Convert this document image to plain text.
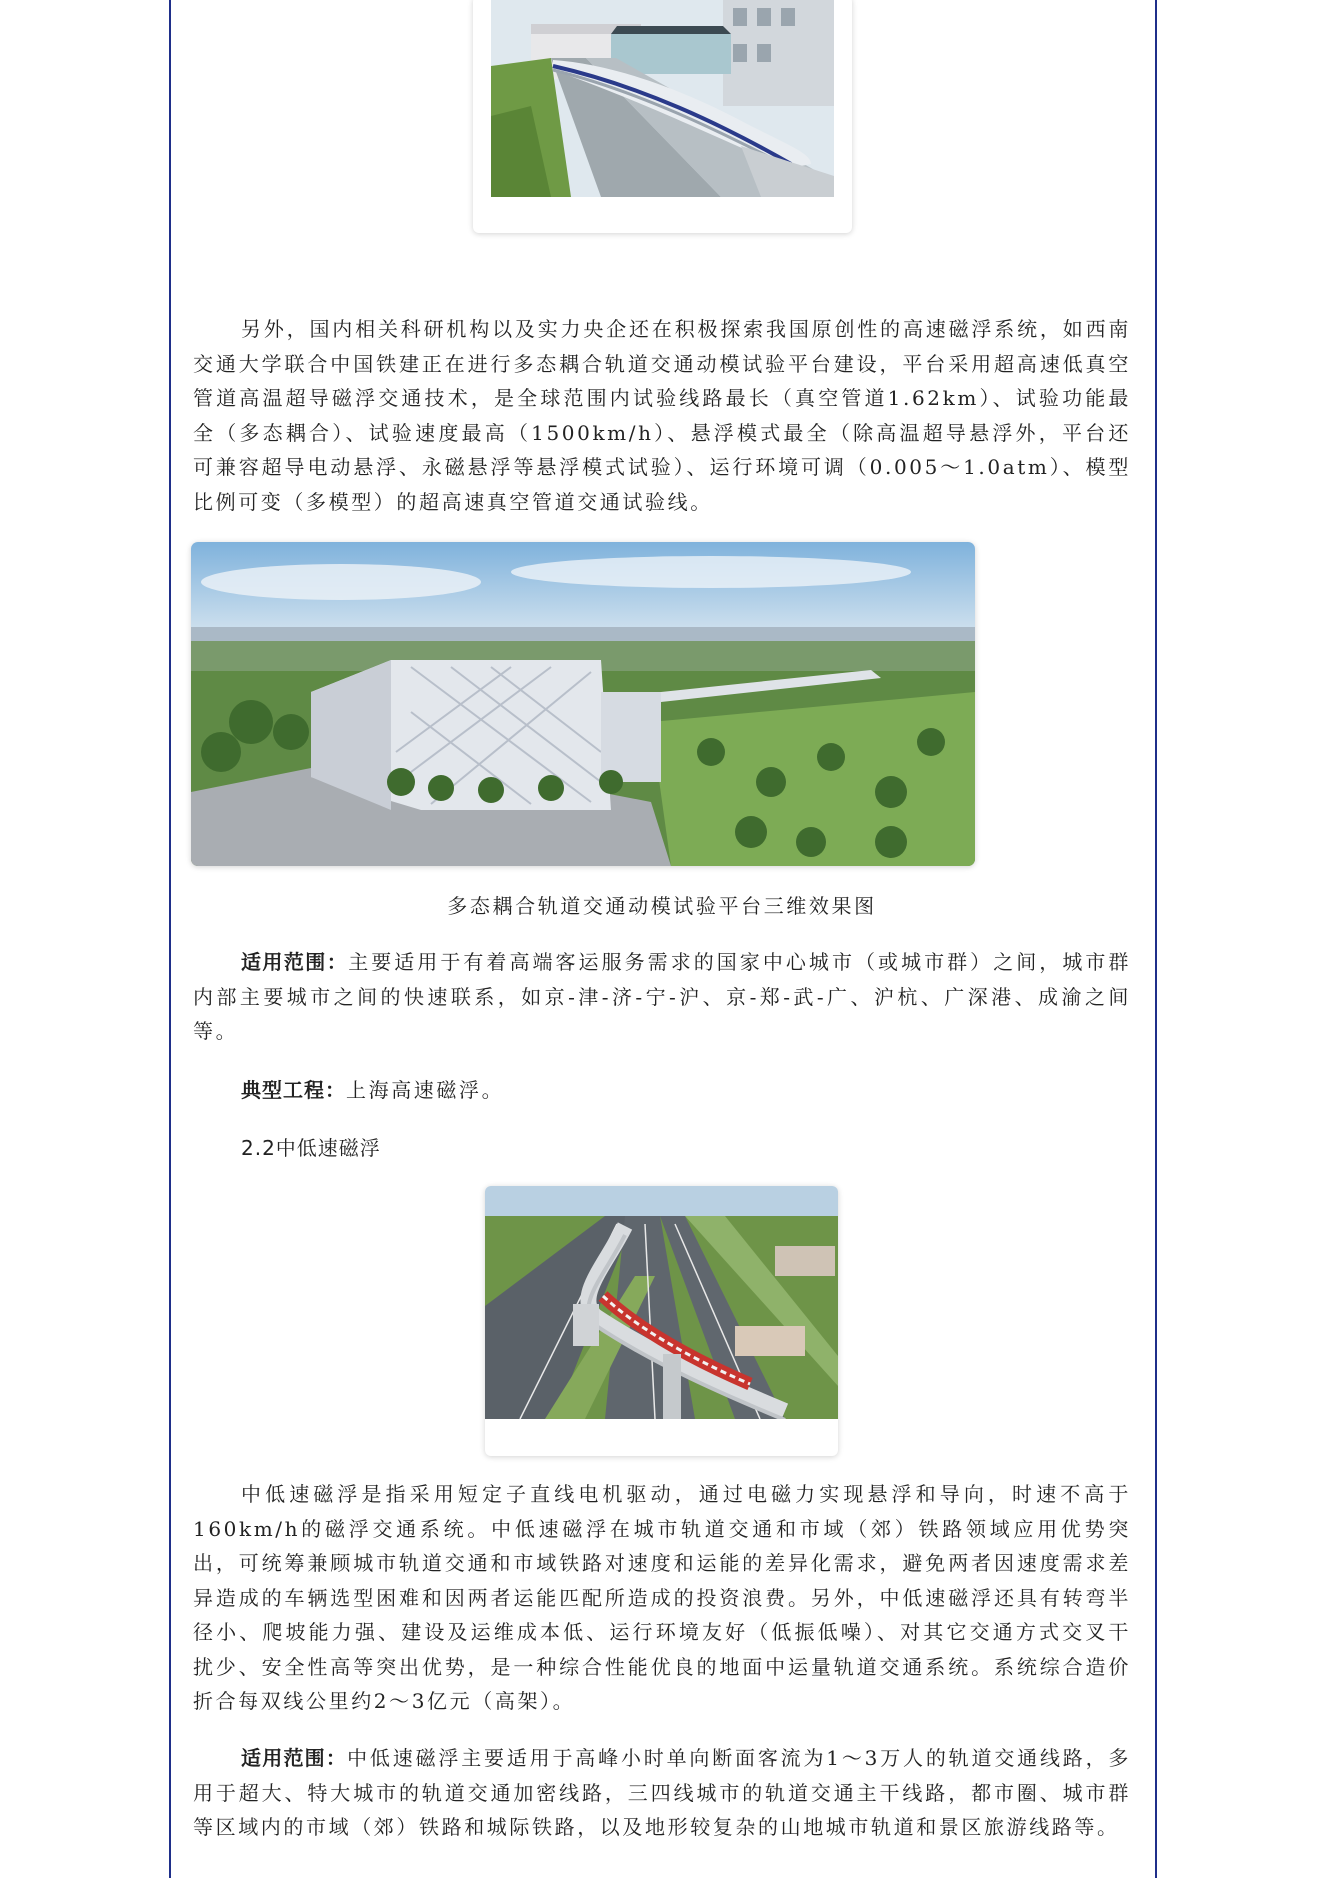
另外，国内相关科研机构以及实力央企还在积极探索我国原创性的高速磁浮系统，如西南交通大学联合中国铁建正在进行多态耦合轨道交通动模试验平台建设，平台采用超高速低真空管道高温超导磁浮交通技术，是全球范围内试验线路最长（真空管道1.62km）、试验功能最全（多态耦合）、试验速度最高（1500km/h）、悬浮模式最全（除高温超导悬浮外，平台还可兼容超导电动悬浮、永磁悬浮等悬浮模式试验）、运行环境可调（0.005～1.0atm）、模型比例可变（多模型）的超高速真空管道交通试验线。

多态耦合轨道交通动模试验平台三维效果图

适用范围：主要适用于有着高端客运服务需求的国家中心城市（或城市群）之间，城市群内部主要城市之间的快速联系，如京-津-济-宁-沪、京-郑-武-广、沪杭、广深港、成渝之间等。

典型工程：上海高速磁浮。

2.2中低速磁浮

中低速磁浮是指采用短定子直线电机驱动，通过电磁力实现悬浮和导向，时速不高于160km/h的磁浮交通系统。中低速磁浮在城市轨道交通和市域（郊）铁路领域应用优势突出，可统筹兼顾城市轨道交通和市域铁路对速度和运能的差异化需求，避免两者因速度需求差异造成的车辆选型困难和因两者运能匹配所造成的投资浪费。另外，中低速磁浮还具有转弯半径小、爬坡能力强、建设及运维成本低、运行环境友好（低振低噪）、对其它交通方式交叉干扰少、安全性高等突出优势，是一种综合性能优良的地面中运量轨道交通系统。系统综合造价折合每双线公里约2～3亿元（高架）。

适用范围：中低速磁浮主要适用于高峰小时单向断面客流为1～3万人的轨道交通线路，多用于超大、特大城市的轨道交通加密线路，三四线城市的轨道交通主干线路，都市圈、城市群等区域内的市域（郊）铁路和城际铁路，以及地形较复杂的山地城市轨道和景区旅游线路等。
